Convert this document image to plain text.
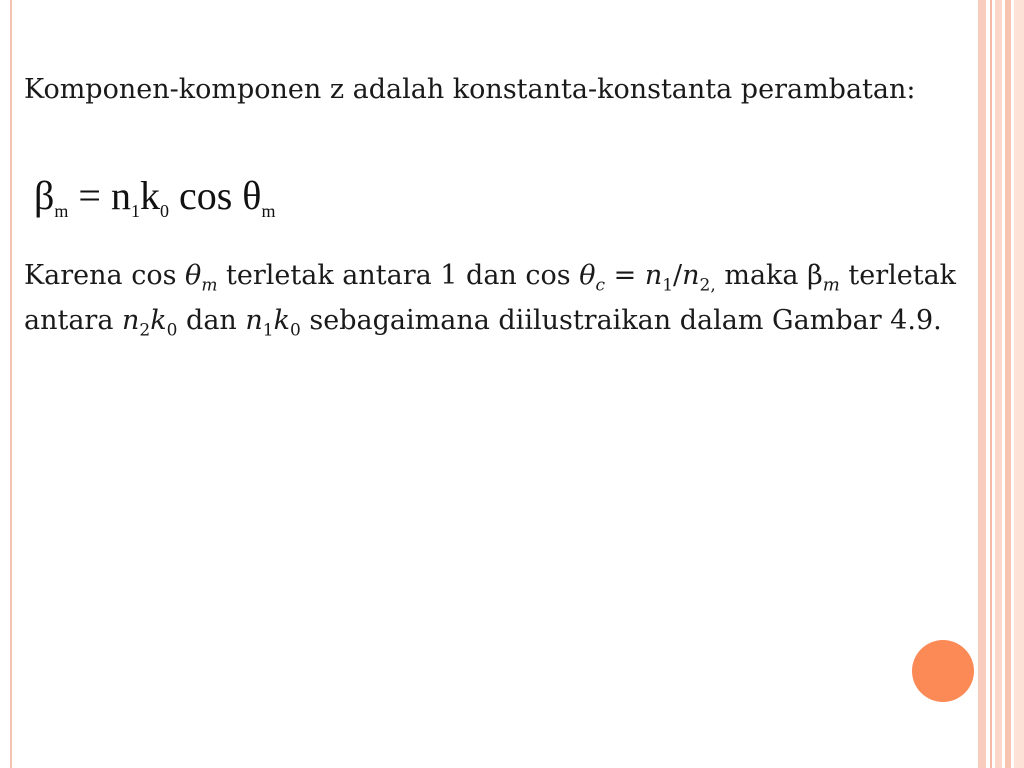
Komponen-komponen z adalah konstanta-konstanta perambatan:

$\beta_m = n_1k_0$ $\cos \theta_m$

Karena $\cos \theta_m$ terletak antara 1 dan $\cos \theta_c = n_1/n_{2,}$ maka $\beta_m$ terletak antara $n_2k_0$ dan $n_1k_0$ sebagaimana diilustraikan dalam Gambar 4.9.
